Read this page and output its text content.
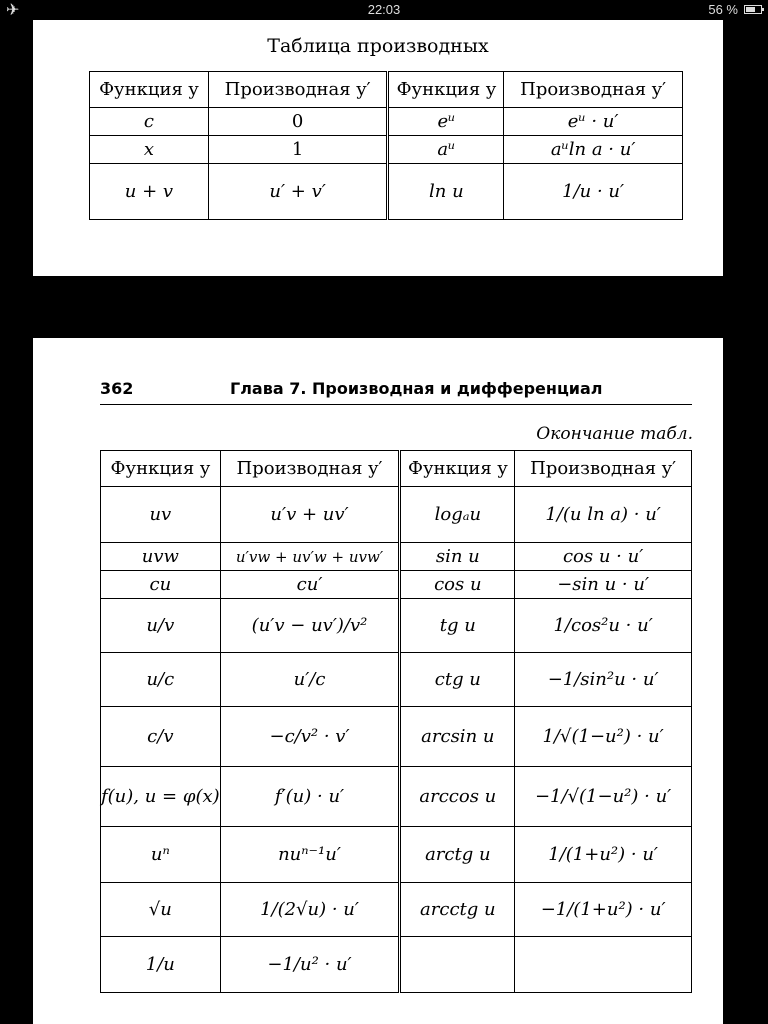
✈	22:03	56 %
Таблица производных
Функция y	Производная y′	Функция y	Производная y′
c	0	eᵘ	eᵘ · u′
x	1	aᵘ	aᵘln a · u′
u + v	u′ + v′	ln u	1/u · u′
362	Глава 7. Производная и дифференциал
Окончание табл.
Функция y	Производная y′	Функция y	Производная y′
uv	u′v + uv′	logₐu	1/(u ln a) · u′
uvw	u′vw + uv′w + uvw′	sin u	cos u · u′
cu	cu′	cos u	−sin u · u′
u/v	(u′v − uv′)/v²	tg u	1/cos²u · u′
u/c	u′/c	ctg u	−1/sin²u · u′
c/v	−c/v² · v′	arcsin u	1/√(1−u²) · u′
f(u), u = φ(x)	f′(u) · u′	arccos u	−1/√(1−u²) · u′
uⁿ	nuⁿ⁻¹u′	arctg u	1/(1+u²) · u′
√u	1/(2√u) · u′	arcctg u	−1/(1+u²) · u′
1/u	−1/u² · u′		
